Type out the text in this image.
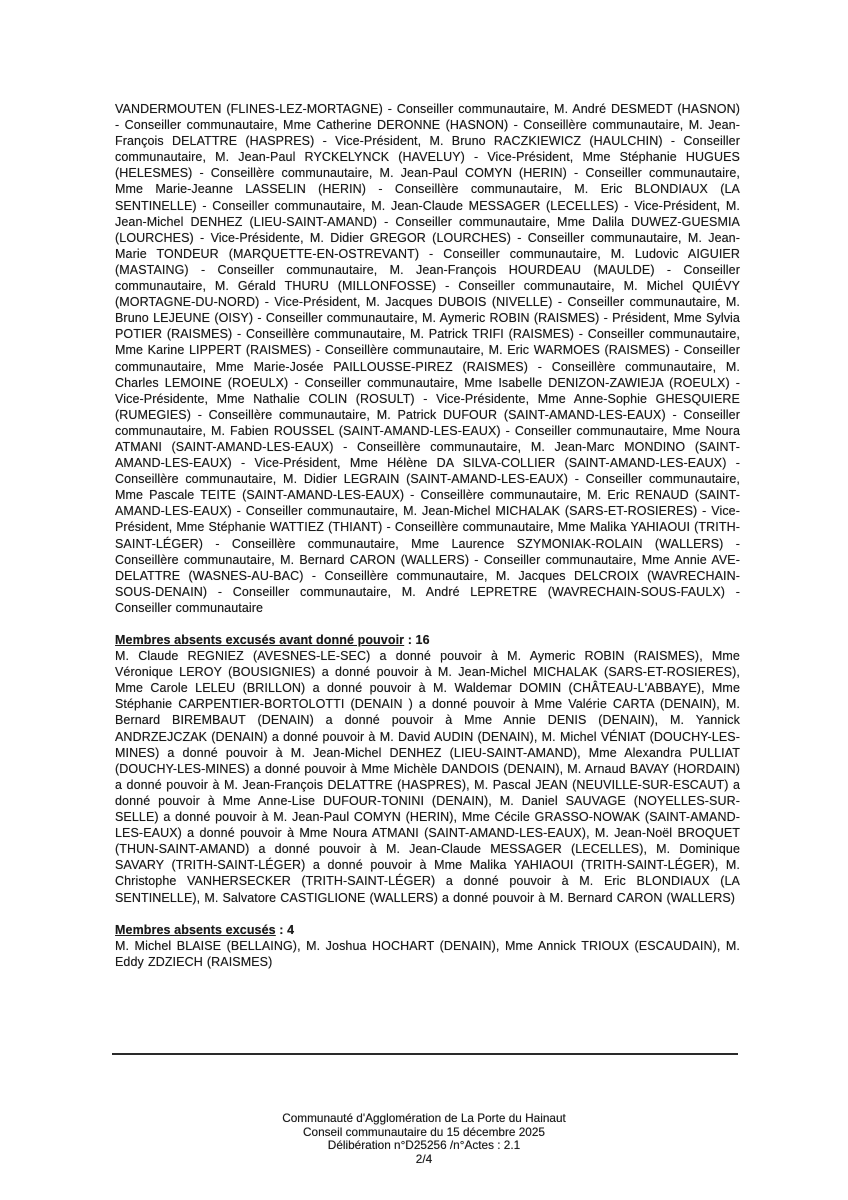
VANDERMOUTEN (FLINES-LEZ-MORTAGNE) - Conseiller communautaire, M. André DESMEDT (HASNON) - Conseiller communautaire, Mme Catherine DERONNE (HASNON) - Conseillère communautaire, M. Jean-François DELATTRE (HASPRES) - Vice-Président, M. Bruno RACZKIEWICZ (HAULCHIN) - Conseiller communautaire, M. Jean-Paul RYCKELYNCK (HAVELUY) - Vice-Président, Mme Stéphanie HUGUES (HELESMES) - Conseillère communautaire, M. Jean-Paul COMYN (HERIN) - Conseiller communautaire, Mme Marie-Jeanne LASSELIN (HERIN) - Conseillère communautaire, M. Eric BLONDIAUX (LA SENTINELLE) - Conseiller communautaire, M. Jean-Claude MESSAGER (LECELLES) - Vice-Président, M. Jean-Michel DENHEZ (LIEU-SAINT-AMAND) - Conseiller communautaire, Mme Dalila DUWEZ-GUESMIA (LOURCHES) - Vice-Présidente, M. Didier GREGOR (LOURCHES) - Conseiller communautaire, M. Jean-Marie TONDEUR (MARQUETTE-EN-OSTREVANT) - Conseiller communautaire, M. Ludovic AIGUIER (MASTAING) - Conseiller communautaire, M. Jean-François HOURDEAU (MAULDE) - Conseiller communautaire, M. Gérald THURU (MILLONFOSSE) - Conseiller communautaire, M. Michel QUIÉVY (MORTAGNE-DU-NORD) - Vice-Président, M. Jacques DUBOIS (NIVELLE) - Conseiller communautaire, M. Bruno LEJEUNE (OISY) - Conseiller communautaire, M. Aymeric ROBIN (RAISMES) - Président, Mme Sylvia POTIER (RAISMES) - Conseillère communautaire, M. Patrick TRIFI (RAISMES) - Conseiller communautaire, Mme Karine LIPPERT (RAISMES) - Conseillère communautaire, M. Eric WARMOES (RAISMES) - Conseiller communautaire, Mme Marie-Josée PAILLOUSSE-PIREZ (RAISMES) - Conseillère communautaire, M. Charles LEMOINE (ROEULX) - Conseiller communautaire, Mme Isabelle DENIZON-ZAWIEJA (ROEULX) - Vice-Présidente, Mme Nathalie COLIN (ROSULT) - Vice-Présidente, Mme Anne-Sophie GHESQUIERE (RUMEGIES) - Conseillère communautaire, M. Patrick DUFOUR (SAINT-AMAND-LES-EAUX) - Conseiller communautaire, M. Fabien ROUSSEL (SAINT-AMAND-LES-EAUX) - Conseiller communautaire, Mme Noura ATMANI (SAINT-AMAND-LES-EAUX) - Conseillère communautaire, M. Jean-Marc MONDINO (SAINT-AMAND-LES-EAUX) - Vice-Président, Mme Hélène DA SILVA-COLLIER (SAINT-AMAND-LES-EAUX) - Conseillère communautaire, M. Didier LEGRAIN (SAINT-AMAND-LES-EAUX) - Conseiller communautaire, Mme Pascale TEITE (SAINT-AMAND-LES-EAUX) - Conseillère communautaire, M. Eric RENAUD (SAINT-AMAND-LES-EAUX) - Conseiller communautaire, M. Jean-Michel MICHALAK (SARS-ET-ROSIERES) - Vice-Président, Mme Stéphanie WATTIEZ (THIANT) - Conseillère communautaire, Mme Malika YAHIAOUI (TRITH-SAINT-LÉGER) - Conseillère communautaire, Mme Laurence SZYMONIAK-ROLAIN (WALLERS) - Conseillère communautaire, M. Bernard CARON (WALLERS) - Conseiller communautaire, Mme Annie AVE-DELATTRE (WASNES-AU-BAC) - Conseillère communautaire, M. Jacques DELCROIX (WAVRECHAIN-SOUS-DENAIN) - Conseiller communautaire, M. André LEPRETRE (WAVRECHAIN-SOUS-FAULX) - Conseiller communautaire

Membres absents excusés avant donné pouvoir : 16

M. Claude REGNIEZ (AVESNES-LE-SEC) a donné pouvoir à M. Aymeric ROBIN (RAISMES), Mme Véronique LEROY (BOUSIGNIES) a donné pouvoir à M. Jean-Michel MICHALAK (SARS-ET-ROSIERES), Mme Carole LELEU (BRILLON) a donné pouvoir à M. Waldemar DOMIN (CHÂTEAU-L'ABBAYE), Mme Stéphanie CARPENTIER-BORTOLOTTI (DENAIN ) a donné pouvoir à Mme Valérie CARTA (DENAIN), M. Bernard BIREMBAUT (DENAIN) a donné pouvoir à Mme Annie DENIS (DENAIN), M. Yannick ANDRZEJCZAK (DENAIN) a donné pouvoir à M. David AUDIN (DENAIN), M. Michel VÉNIAT (DOUCHY-LES-MINES) a donné pouvoir à M. Jean-Michel DENHEZ (LIEU-SAINT-AMAND), Mme Alexandra PULLIAT (DOUCHY-LES-MINES) a donné pouvoir à Mme Michèle DANDOIS (DENAIN), M. Arnaud BAVAY (HORDAIN) a donné pouvoir à M. Jean-François DELATTRE (HASPRES), M. Pascal JEAN (NEUVILLE-SUR-ESCAUT) a donné pouvoir à Mme Anne-Lise DUFOUR-TONINI (DENAIN), M. Daniel SAUVAGE (NOYELLES-SUR-SELLE) a donné pouvoir à M. Jean-Paul COMYN (HERIN), Mme Cécile GRASSO-NOWAK (SAINT-AMAND-LES-EAUX) a donné pouvoir à Mme Noura ATMANI (SAINT-AMAND-LES-EAUX), M. Jean-Noël BROQUET (THUN-SAINT-AMAND) a donné pouvoir à M. Jean-Claude MESSAGER (LECELLES), M. Dominique SAVARY (TRITH-SAINT-LÉGER) a donné pouvoir à Mme Malika YAHIAOUI (TRITH-SAINT-LÉGER), M. Christophe VANHERSECKER (TRITH-SAINT-LÉGER) a donné pouvoir à M. Eric BLONDIAUX (LA SENTINELLE), M. Salvatore CASTIGLIONE (WALLERS) a donné pouvoir à M. Bernard CARON (WALLERS)

Membres absents excusés : 4

M. Michel BLAISE (BELLAING), M. Joshua HOCHART (DENAIN), Mme Annick TRIOUX (ESCAUDAIN), M. Eddy ZDZIECH (RAISMES)

Communauté d'Agglomération de La Porte du Hainaut
Conseil communautaire du 15 décembre 2025
Délibération n°D25256 /n°Actes : 2.1
2/4
